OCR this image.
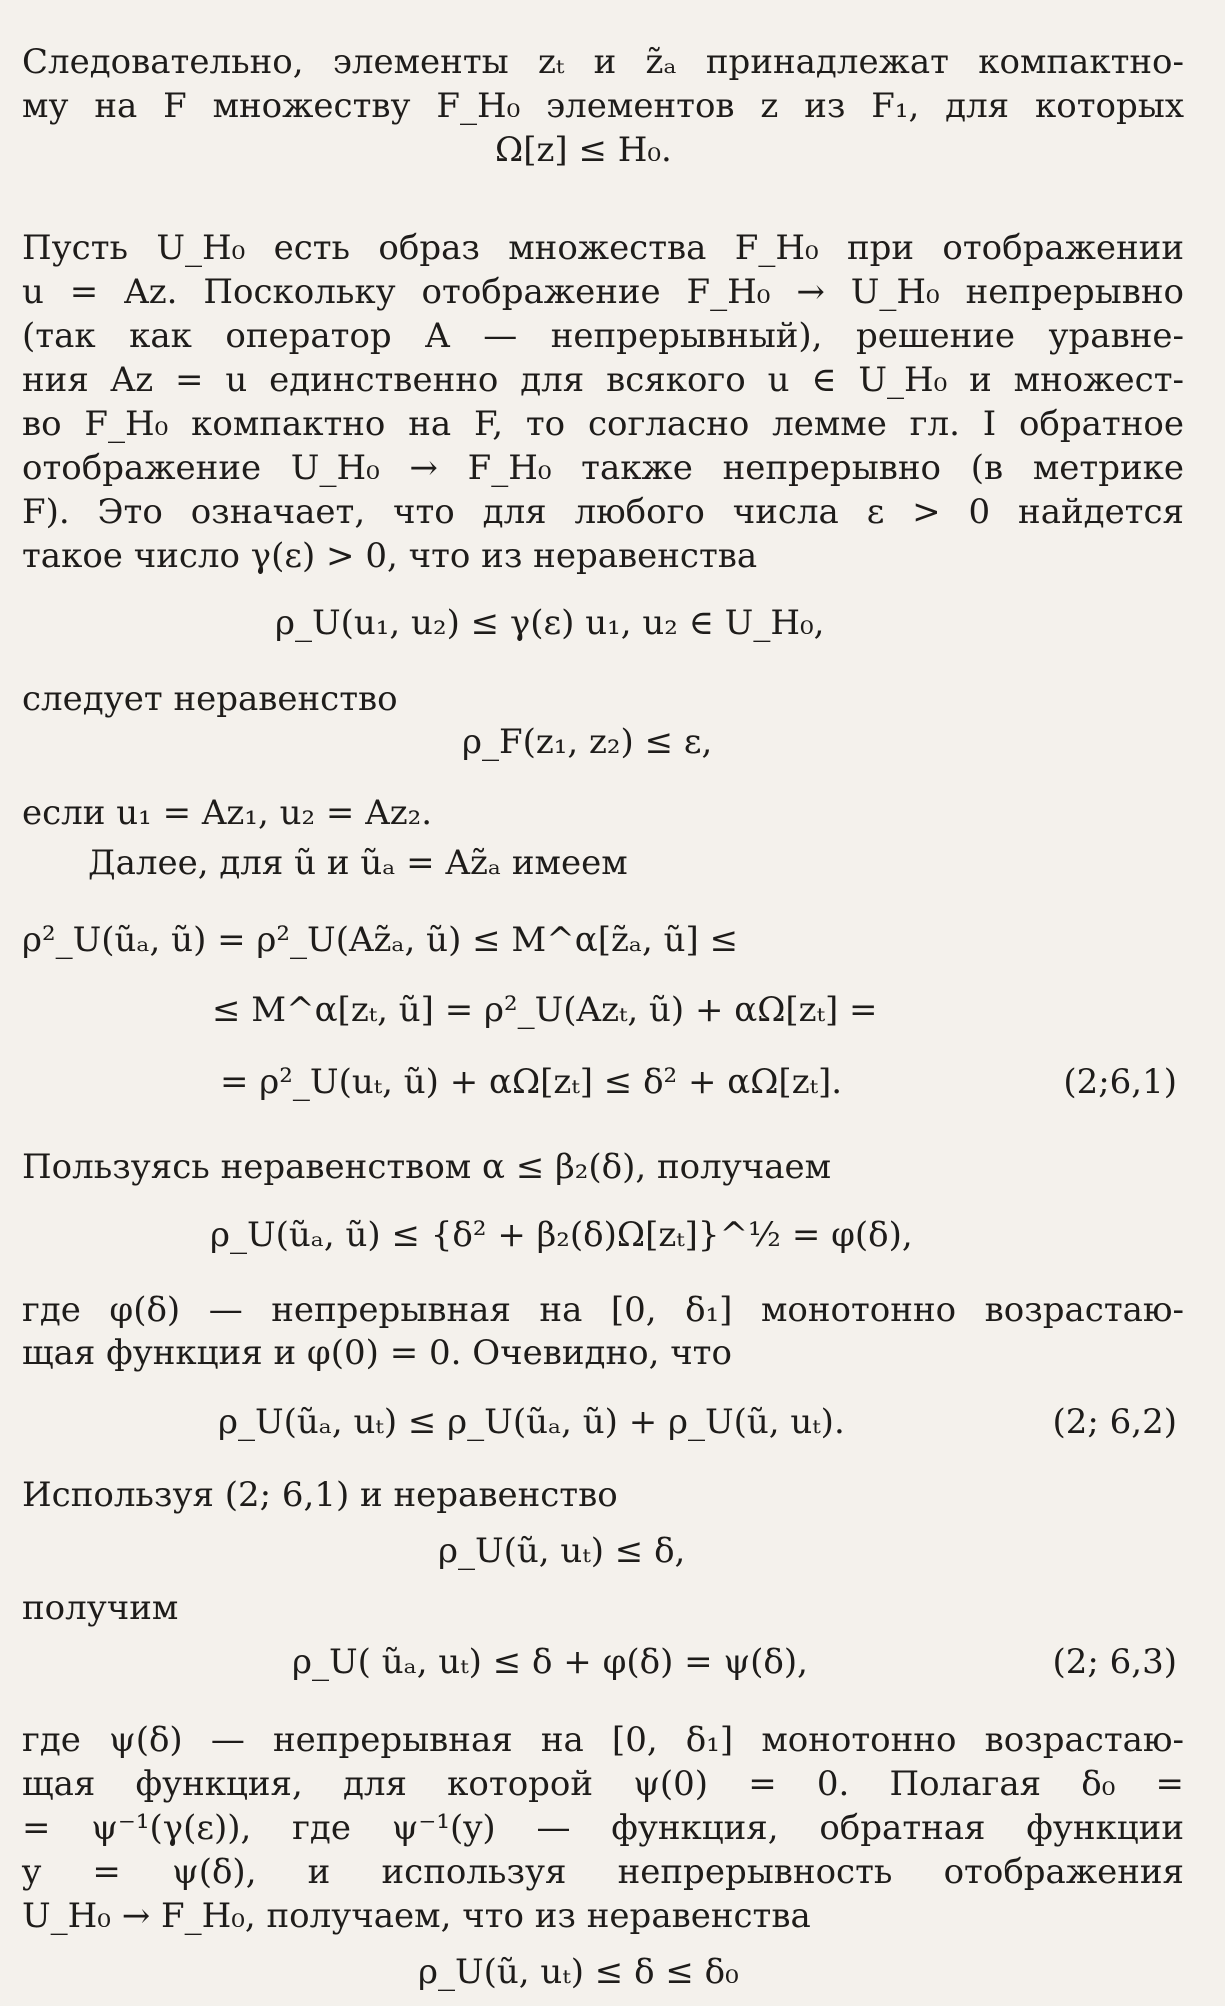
Следовательно, элементы zₜ и z̃ₐ принадлежат компактно-

му на F множеству F_H₀ элементов z из F₁, для которых

Ω[z] ≤ H₀.

Пусть U_H₀ есть образ множества F_H₀ при отображении

u = Az. Поскольку отображение F_H₀ → U_H₀ непрерывно

(так как оператор A — непрерывный), решение уравне-

ния Az = u единственно для всякого u ∈ U_H₀ и множест-

во F_H₀ компактно на F, то согласно лемме гл. I обратное

отображение U_H₀ → F_H₀ также непрерывно (в метрике

F). Это означает, что для любого числа ε > 0 найдется

такое число γ(ε) > 0, что из неравенства

ρ_U(u₁, u₂) ≤ γ(ε) u₁, u₂ ∈ U_H₀,

следует неравенство

ρ_F(z₁, z₂) ≤ ε,

если u₁ = Az₁, u₂ = Az₂.

Далее, для ũ и ũₐ = Az̃ₐ имеем

ρ²_U(ũₐ, ũ) = ρ²_U(Az̃ₐ, ũ) ≤ M^α[z̃ₐ, ũ] ≤

≤ M^α[zₜ, ũ] = ρ²_U(Azₜ, ũ) + αΩ[zₜ] =

= ρ²_U(uₜ, ũ) + αΩ[zₜ] ≤ δ² + αΩ[zₜ].	(2;6,1)

Пользуясь неравенством α ≤ β₂(δ), получаем

ρ_U(ũₐ, ũ) ≤ {δ² + β₂(δ)Ω[zₜ]}^½ = φ(δ),

где φ(δ) — непрерывная на [0, δ₁] монотонно возрастаю-

щая функция и φ(0) = 0. Очевидно, что

ρ_U(ũₐ, uₜ) ≤ ρ_U(ũₐ, ũ) + ρ_U(ũ, uₜ).	(2; 6,2)

Используя (2; 6,1) и неравенство

ρ_U(ũ, uₜ) ≤ δ,

получим

ρ_U( ũₐ, uₜ) ≤ δ + φ(δ) = ψ(δ),	(2; 6,3)

где ψ(δ) — непрерывная на [0, δ₁] монотонно возрастаю-

щая функция, для которой ψ(0) = 0. Полагая δ₀ =

= ψ⁻¹(γ(ε)), где ψ⁻¹(y) — функция, обратная функции

y = ψ(δ), и используя непрерывность отображения

U_H₀ → F_H₀, получаем, что из неравенства

ρ_U(ũ, uₜ) ≤ δ ≤ δ₀
